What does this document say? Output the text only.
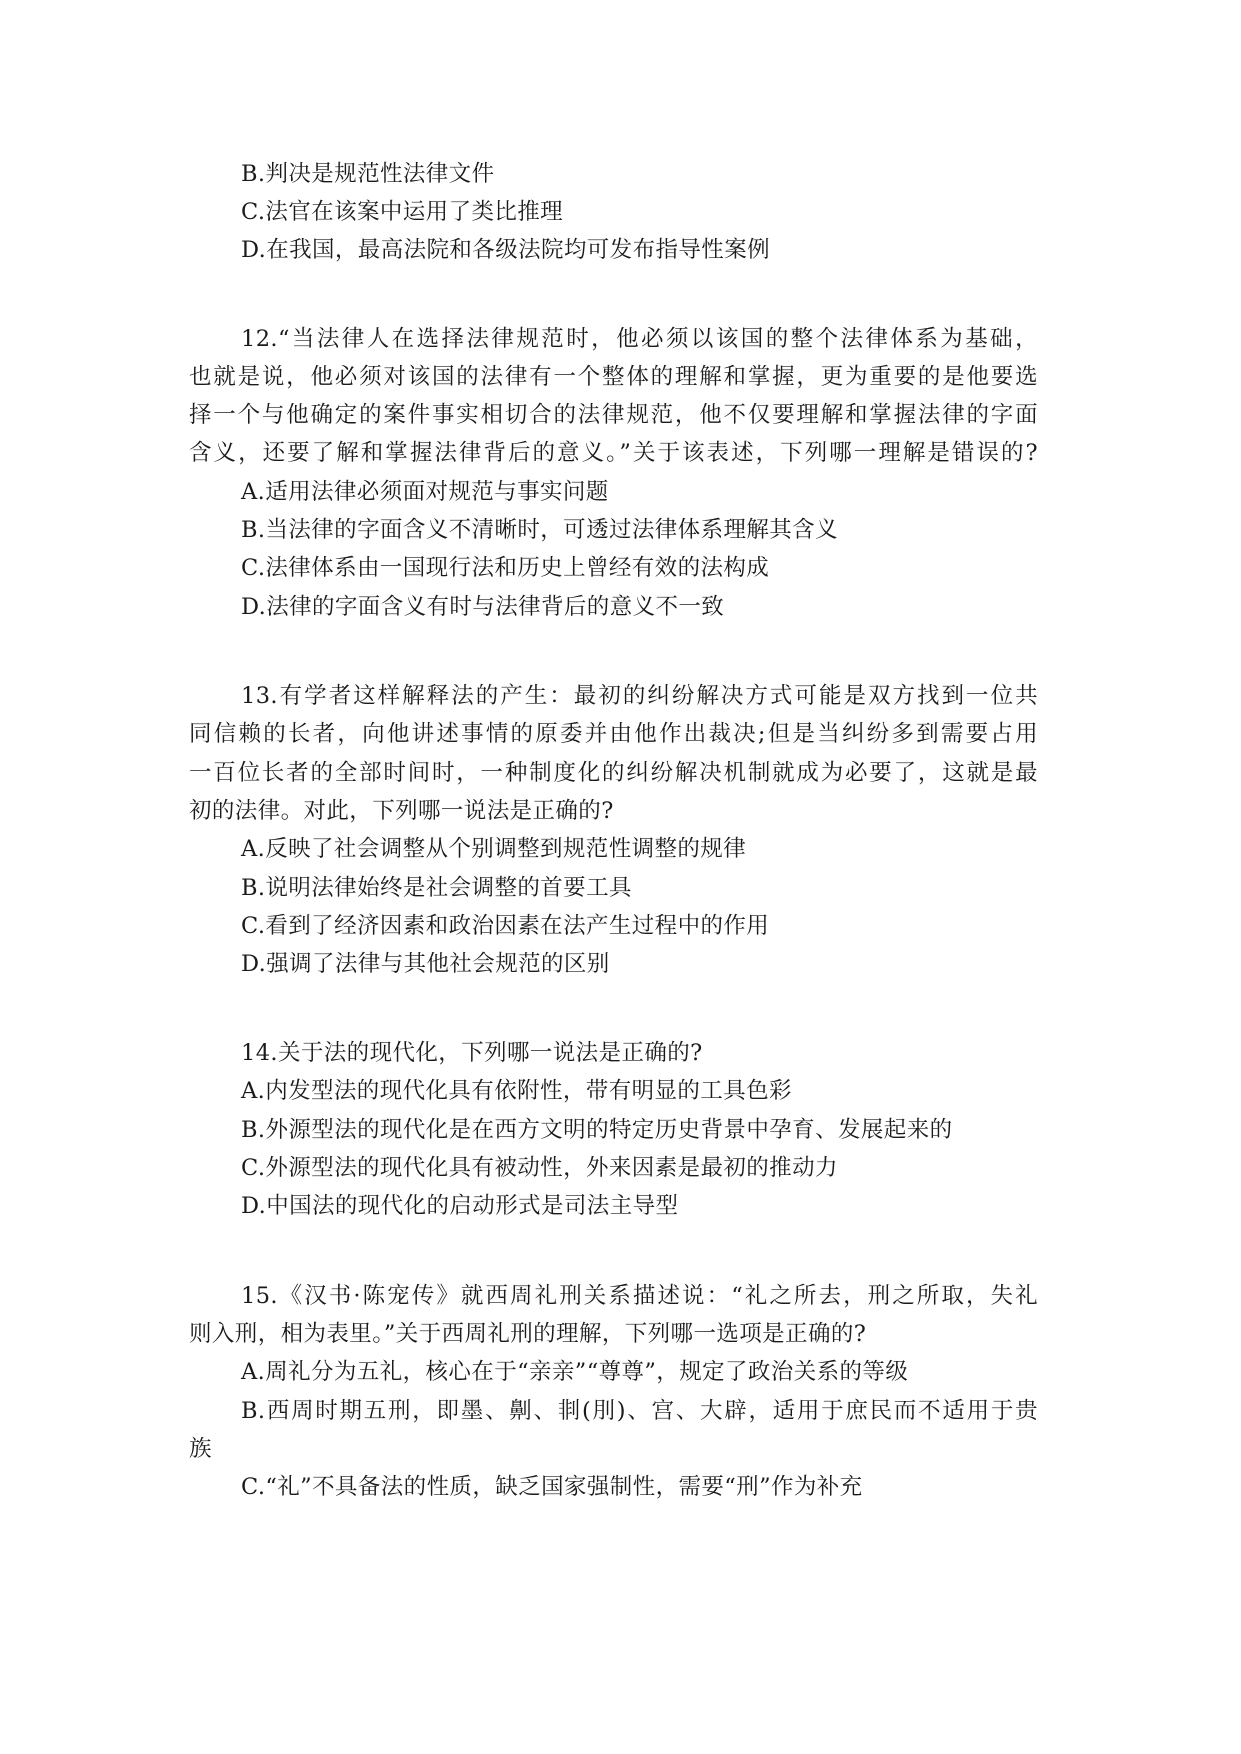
B.判决是规范性法律文件
C.法官在该案中运用了类比推理
D.在我国，最高法院和各级法院均可发布指导性案例
12.“当法律人在选择法律规范时，他必须以该国的整个法律体系为基础，
也就是说，他必须对该国的法律有一个整体的理解和掌握，更为重要的是他要选
择一个与他确定的案件事实相切合的法律规范，他不仅要理解和掌握法律的字面
含义，还要了解和掌握法律背后的意义。”关于该表述，下列哪一理解是错误的?
A.适用法律必须面对规范与事实问题
B.当法律的字面含义不清晰时，可透过法律体系理解其含义
C.法律体系由一国现行法和历史上曾经有效的法构成
D.法律的字面含义有时与法律背后的意义不一致
13.有学者这样解释法的产生：最初的纠纷解决方式可能是双方找到一位共
同信赖的长者，向他讲述事情的原委并由他作出裁决;但是当纠纷多到需要占用
一百位长者的全部时间时，一种制度化的纠纷解决机制就成为必要了，这就是最
初的法律。对此，下列哪一说法是正确的?
A.反映了社会调整从个别调整到规范性调整的规律
B.说明法律始终是社会调整的首要工具
C.看到了经济因素和政治因素在法产生过程中的作用
D.强调了法律与其他社会规范的区别
14.关于法的现代化，下列哪一说法是正确的?
A.内发型法的现代化具有依附性，带有明显的工具色彩
B.外源型法的现代化是在西方文明的特定历史背景中孕育、发展起来的
C.外源型法的现代化具有被动性，外来因素是最初的推动力
D.中国法的现代化的启动形式是司法主导型
15.《汉书·陈宠传》就西周礼刑关系描述说：“礼之所去，刑之所取，失礼
则入刑，相为表里。”关于西周礼刑的理解，下列哪一选项是正确的?
A.周礼分为五礼，核心在于“亲亲”“尊尊”，规定了政治关系的等级
B.西周时期五刑，即墨、劓、剕(刖)、宫、大辟，适用于庶民而不适用于贵
族
C.“礼”不具备法的性质，缺乏国家强制性，需要“刑”作为补充
